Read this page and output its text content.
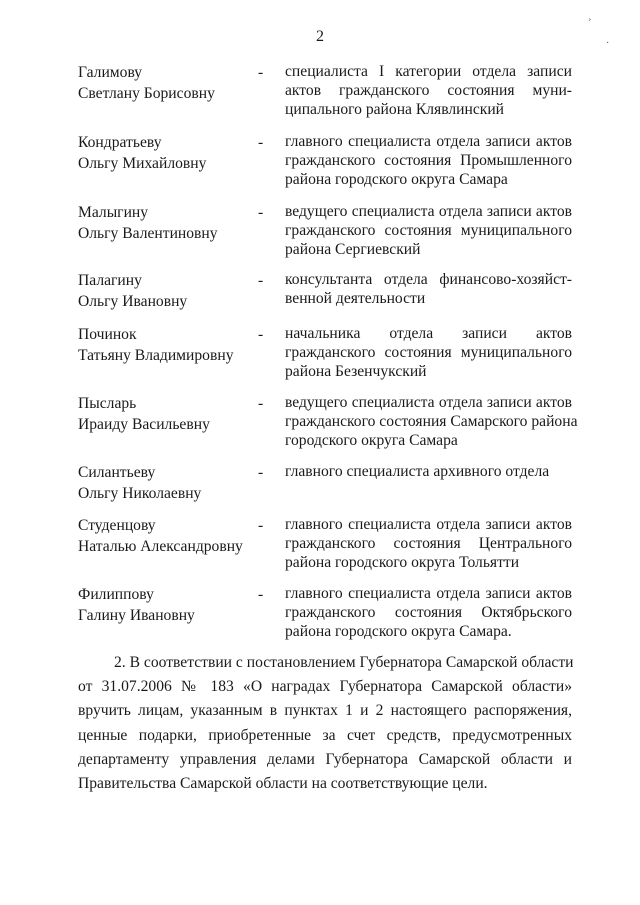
2
¸
·
Галимову
Светлану Борисовну
- специалиста I категории отдела записи
актов гражданского состояния муни-
ципального района Клявлинский
Кондратьеву
Ольгу Михайловну
- главного специалиста отдела записи актов
гражданского состояния Промышленного
района городского округа Самара
Малыгину
Ольгу Валентиновну
- ведущего специалиста отдела записи актов
гражданского состояния муниципального
района Сергиевский
Палагину
Ольгу Ивановну
- консультанта отдела финансово-хозяйст-
венной деятельности
Починок
Татьяну Владимировну
- начальника отдела записи актов
гражданского состояния муниципального
района Безенчукский
Пысларь
Ираиду Васильевну
- ведущего специалиста отдела записи актов
гражданского состояния Самарского района
городского округа Самара
Силантьеву
Ольгу Николаевну
- главного специалиста архивного отдела
Студенцову
Наталью Александровну
- главного специалиста отдела записи актов
гражданского состояния Центрального
района городского округа Тольятти
Филиппову
Галину Ивановну
- главного специалиста отдела записи актов
гражданского состояния Октябрьского
района городского округа Самара.
2. В соответствии с постановлением Губернатора Самарской области
от 31.07.2006 № 183 «О наградах Губернатора Самарской области»
вручить лицам, указанным в пунктах 1 и 2 настоящего распоряжения,
ценные подарки, приобретенные за счет средств, предусмотренных
департаменту управления делами Губернатора Самарской области и
Правительства Самарской области на соответствующие цели.
